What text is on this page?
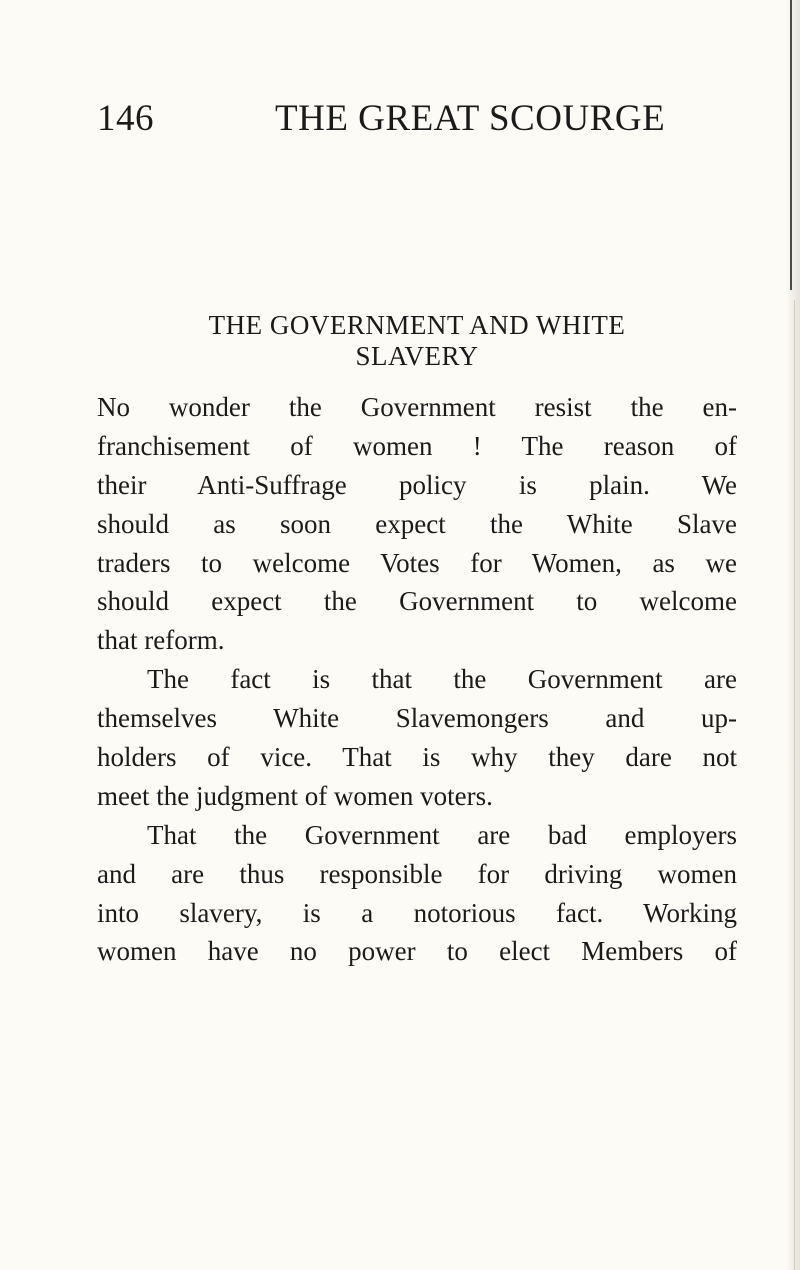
146	THE GREAT SCOURGE
THE GOVERNMENT AND WHITE
SLAVERY
No wonder the Government resist the en-
franchisement of women ! The reason of
their Anti-Suffrage policy is plain. We
should as soon expect the White Slave
traders to welcome Votes for Women, as we
should expect the Government to welcome
that reform.
The fact is that the Government are
themselves White Slavemongers and up-
holders of vice. That is why they dare not
meet the judgment of women voters.
That the Government are bad employers
and are thus responsible for driving women
into slavery, is a notorious fact. Working
women have no power to elect Members of
